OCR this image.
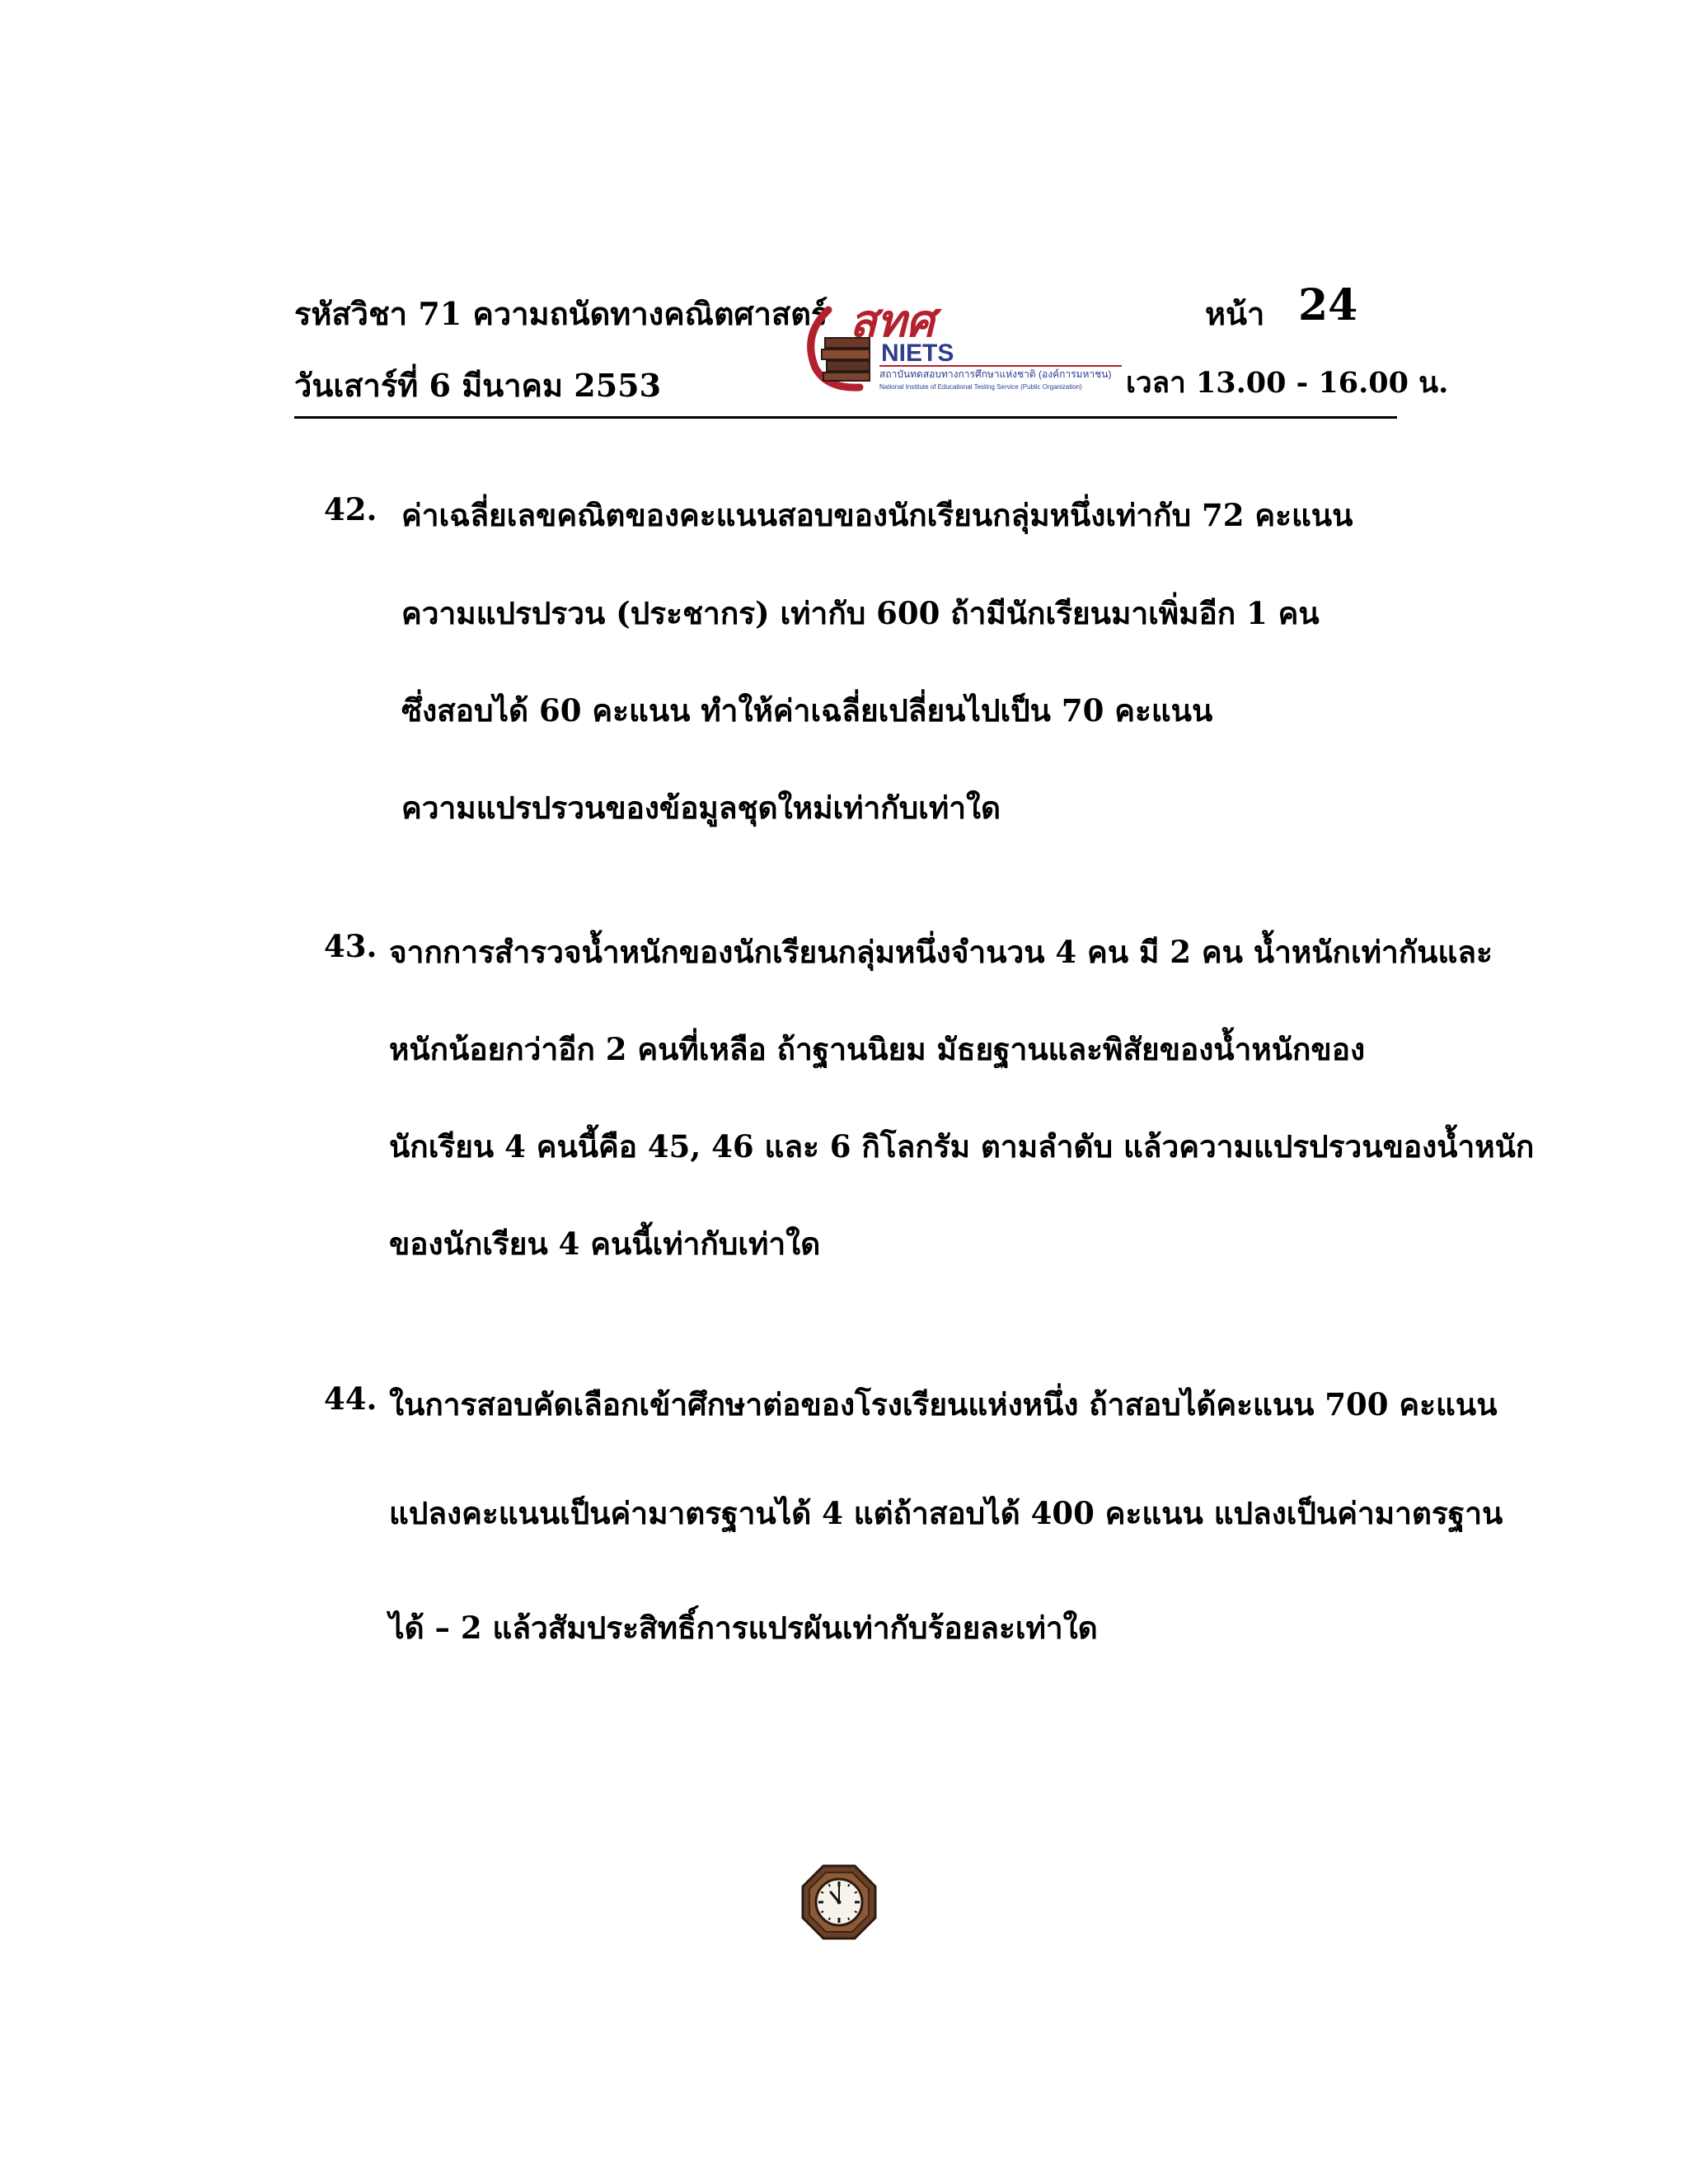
รหัสวิชา 71 ความถนัดทางคณิตศาสตร์
วันเสาร์ที่ 6 มีนาคม 2553
หน้า 24
เวลา 13.00 - 16.00 น.
สทศ
NIETS
สถาบันทดสอบทางการศึกษาแห่งชาติ (องค์การมหาชน)
National Institute of Educational Testing Service (Public Organization)
42. ค่าเฉลี่ยเลขคณิตของคะแนนสอบของนักเรียนกลุ่มหนึ่งเท่ากับ 72 คะแนน
ความแปรปรวน (ประชากร) เท่ากับ 600 ถ้ามีนักเรียนมาเพิ่มอีก 1 คน
ซึ่งสอบได้ 60 คะแนน ทำให้ค่าเฉลี่ยเปลี่ยนไปเป็น 70 คะแนน
ความแปรปรวนของข้อมูลชุดใหม่เท่ากับเท่าใด
43. จากการสำรวจน้ำหนักของนักเรียนกลุ่มหนึ่งจำนวน 4 คน มี 2 คน น้ำหนักเท่ากันและ
หนักน้อยกว่าอีก 2 คนที่เหลือ ถ้าฐานนิยม มัธยฐานและพิสัยของน้ำหนักของ
นักเรียน 4 คนนี้คือ 45, 46 และ 6 กิโลกรัม ตามลำดับ แล้วความแปรปรวนของน้ำหนัก
ของนักเรียน 4 คนนี้เท่ากับเท่าใด
44. ในการสอบคัดเลือกเข้าศึกษาต่อของโรงเรียนแห่งหนึ่ง ถ้าสอบได้คะแนน 700 คะแนน
แปลงคะแนนเป็นค่ามาตรฐานได้ 4 แต่ถ้าสอบได้ 400 คะแนน แปลงเป็นค่ามาตรฐาน
ได้ – 2 แล้วสัมประสิทธิ์การแปรผันเท่ากับร้อยละเท่าใด
